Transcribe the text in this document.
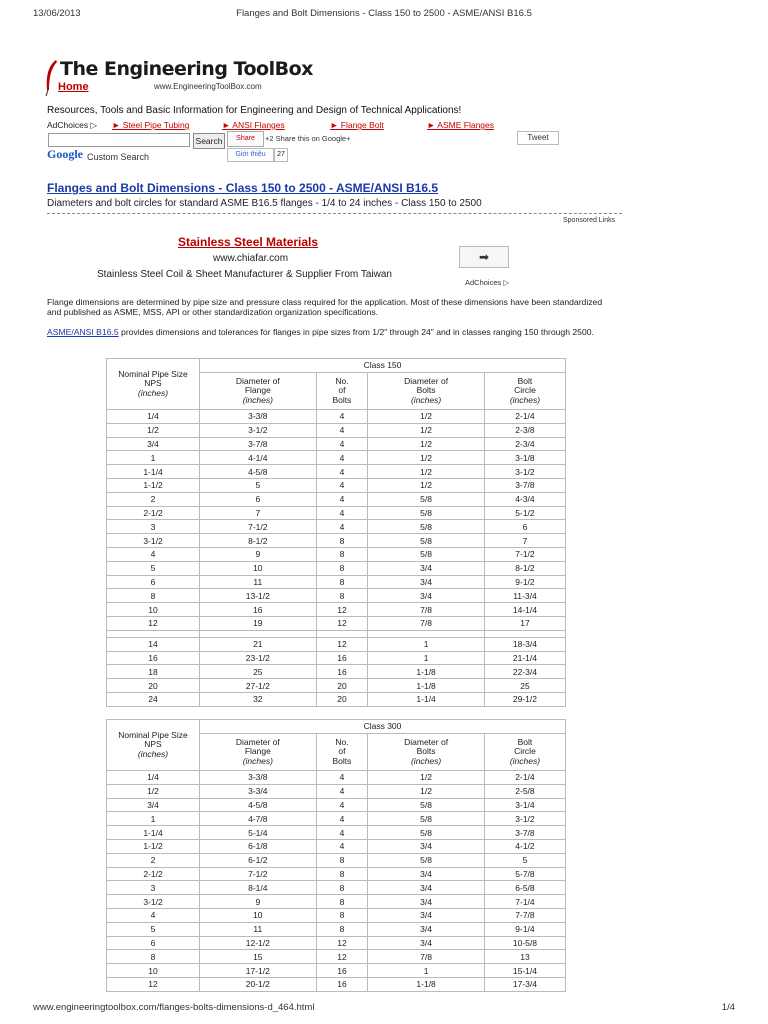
13/06/2013	Flanges and Bolt Dimensions - Class 150 to 2500 - ASME/ANSI B16.5
The Engineering ToolBox
Home	www.EngineeringToolBox.com
Resources, Tools and Basic Information for Engineering and Design of Technical Applications!
AdChoices ▷ ► Steel Pipe Tubing	► ANSI Flanges	► Flange Bolt	► ASME Flanges
Search	Share	+2 Share this on Google+	Tweet
Giới thiệu	27
Google Custom Search
Flanges and Bolt Dimensions - Class 150 to 2500 - ASME/ANSI B16.5
Diameters and bolt circles for standard ASME B16.5 flanges - 1/4 to 24 inches - Class 150 to 2500
Sponsored Links
Stainless Steel Materials
www.chiafar.com
Stainless Steel Coil & Sheet Manufacturer & Supplier From Taiwan
➡
AdChoices ▷
Flange dimensions are determined by pipe size and pressure class required for the application. Most of these dimensions have been standardized and published as ASME, MSS, API or other standardization organization specifications.
ASME/ANSI B16.5 provides dimensions and tolerances for flanges in pipe sizes from 1/2" through 24" and in classes ranging 150 through 2500.
Nominal Pipe Size
NPS
(inches)	Class 150			
	Diameter of
Flange
(inches)	No.
of
Bolts	Diameter of
Bolts
(inches)	Bolt
Circle
(inches)
1/4	3-3/8	4	1/2	2-1/4
1/2	3-1/2	4	1/2	2-3/8
3/4	3-7/8	4	1/2	2-3/4
1	4-1/4	4	1/2	3-1/8
1-1/4	4-5/8	4	1/2	3-1/2
1-1/2	5	4	1/2	3-7/8
2	6	4	5/8	4-3/4
2-1/2	7	4	5/8	5-1/2
3	7-1/2	4	5/8	6
3-1/2	8-1/2	8	5/8	7
4	9	8	5/8	7-1/2
5	10	8	3/4	8-1/2
6	11	8	3/4	9-1/2
8	13-1/2	8	3/4	11-3/4
10	16	12	7/8	14-1/4
12	19	12	7/8	17

14	21	12	1	18-3/4
16	23-1/2	16	1	21-1/4
18	25	16	1-1/8	22-3/4
20	27-1/2	20	1-1/8	25
24	32	20	1-1/4	29-1/2
Nominal Pipe Size
NPS
(inches)	Class 300			
	Diameter of
Flange
(inches)	No.
of
Bolts	Diameter of
Bolts
(inches)	Bolt
Circle
(inches)
1/4	3-3/8	4	1/2	2-1/4
1/2	3-3/4	4	1/2	2-5/8
3/4	4-5/8	4	5/8	3-1/4
1	4-7/8	4	5/8	3-1/2
1-1/4	5-1/4	4	5/8	3-7/8
1-1/2	6-1/8	4	3/4	4-1/2
2	6-1/2	8	5/8	5
2-1/2	7-1/2	8	3/4	5-7/8
3	8-1/4	8	3/4	6-5/8
3-1/2	9	8	3/4	7-1/4
4	10	8	3/4	7-7/8
5	11	8	3/4	9-1/4
6	12-1/2	12	3/4	10-5/8
8	15	12	7/8	13
10	17-1/2	16	1	15-1/4
12	20-1/2	16	1-1/8	17-3/4
www.engineeringtoolbox.com/flanges-bolts-dimensions-d_464.html	1/4
